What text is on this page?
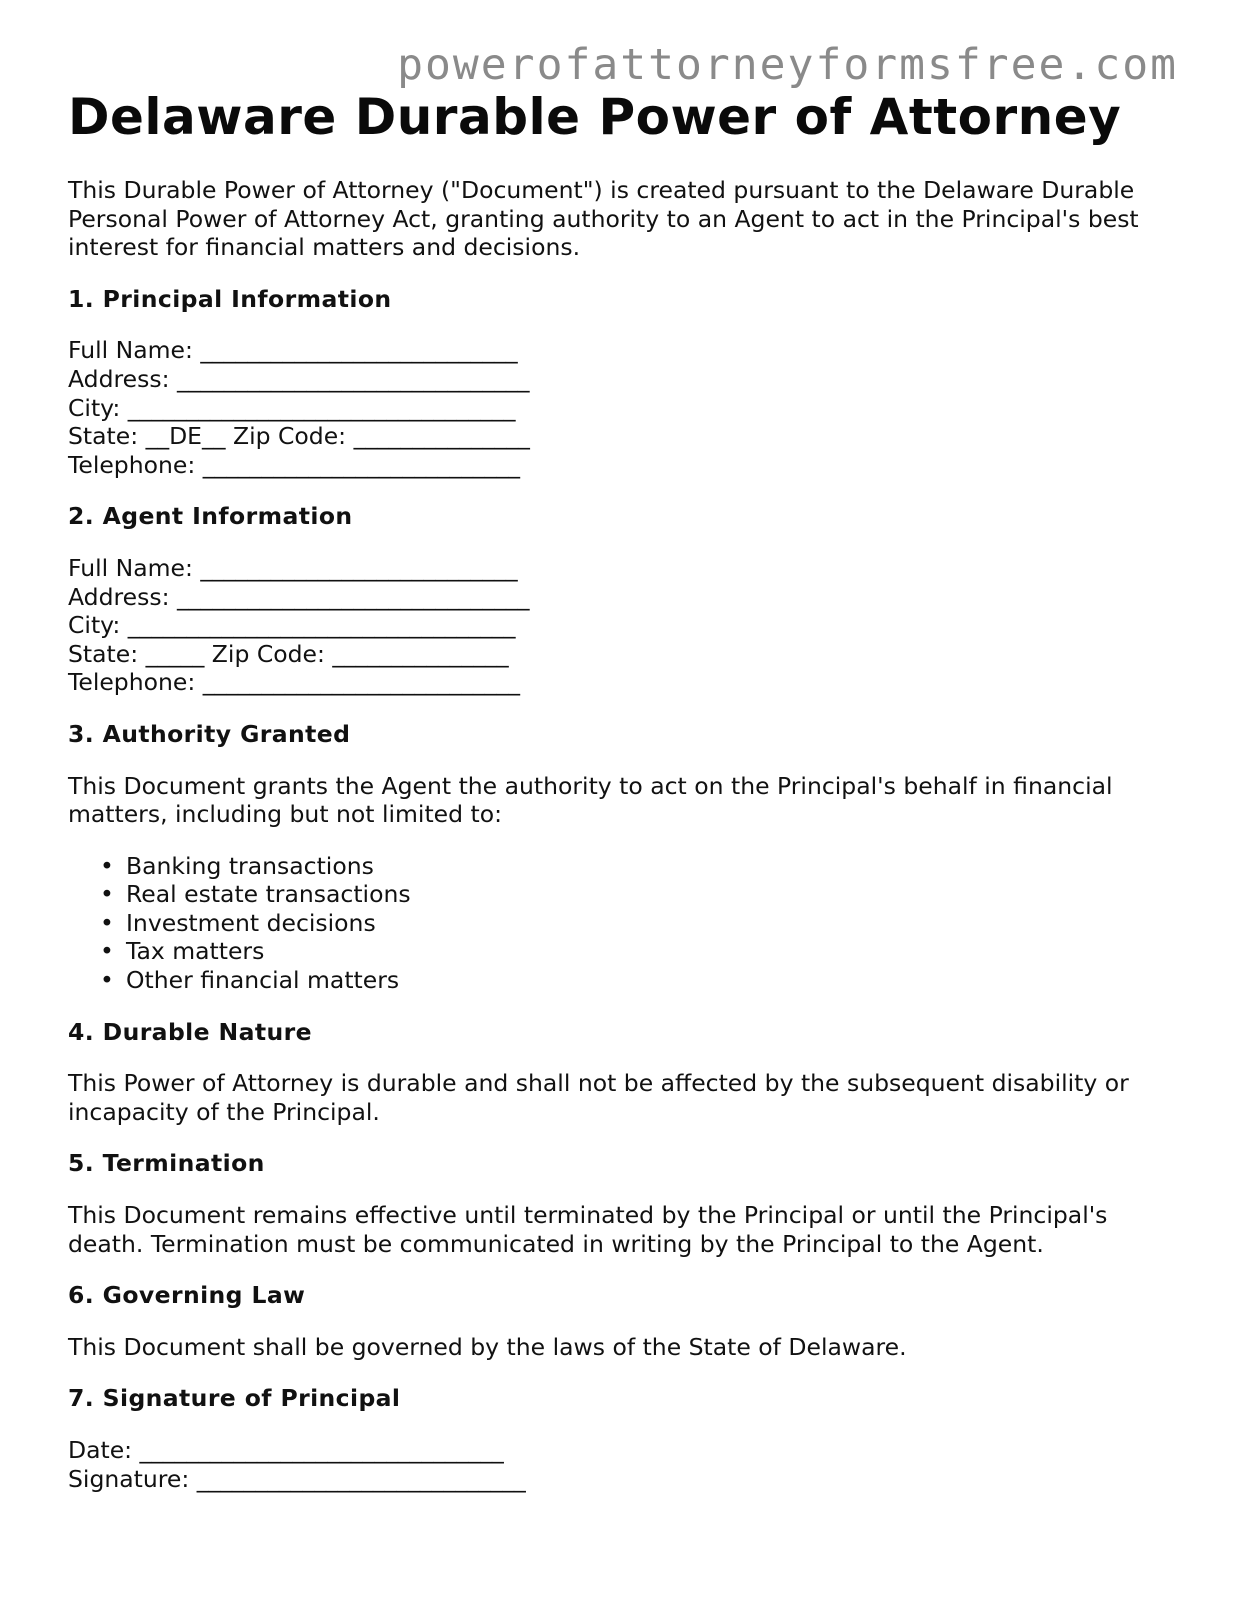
powerofattorneyformsfree.com
Delaware Durable Power of Attorney

This Durable Power of Attorney ("Document") is created pursuant to the Delaware Durable Personal Power of Attorney Act, granting authority to an Agent to act in the Principal's best interest for financial matters and decisions.

1. Principal Information
Full Name: ___________________________
Address: ______________________________
City: _________________________________
State: __DE__ Zip Code: _______________
Telephone: ___________________________
2. Agent Information
Full Name: ___________________________
Address: ______________________________
City: _________________________________
State: _____ Zip Code: _______________
Telephone: ___________________________
3. Authority Granted

This Document grants the Agent the authority to act on the Principal's behalf in financial matters, including but not limited to:

• Banking transactions
• Real estate transactions
• Investment decisions
• Tax matters
• Other financial matters
4. Durable Nature

This Power of Attorney is durable and shall not be affected by the subsequent disability or incapacity of the Principal.

5. Termination

This Document remains effective until terminated by the Principal or until the Principal's death. Termination must be communicated in writing by the Principal to the Agent.

6. Governing Law

This Document shall be governed by the laws of the State of Delaware.

7. Signature of Principal
Date: _______________________________
Signature: ____________________________
